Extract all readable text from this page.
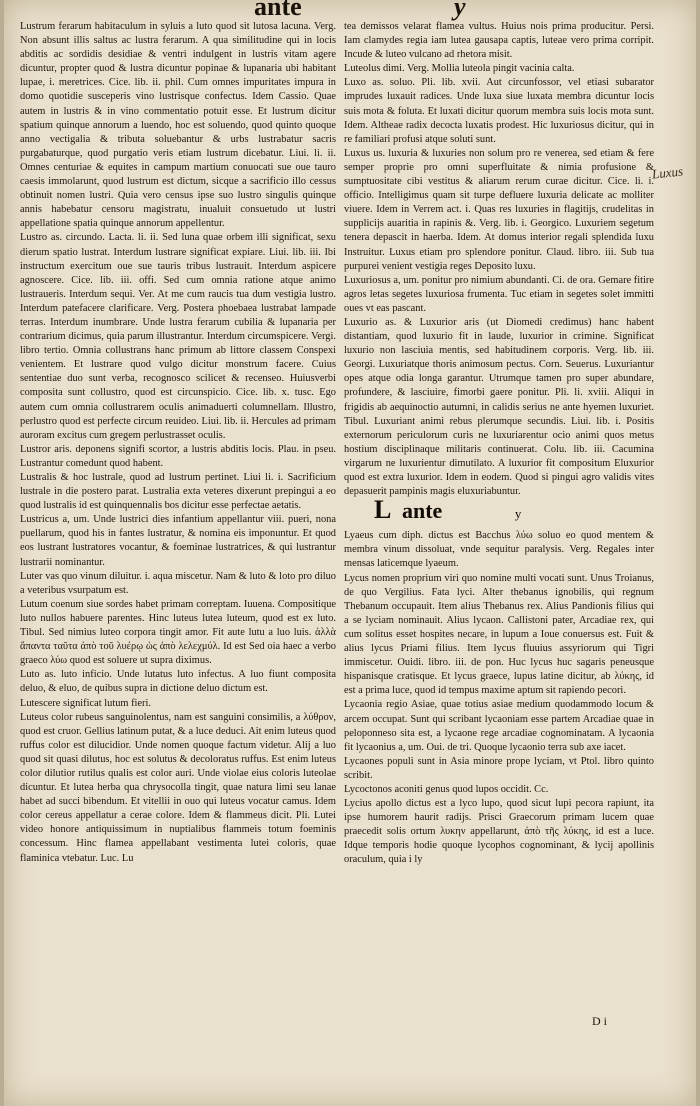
ante	y

Lustrum ferarum habitaculum in syluis a luto quod sit lutosa lacuna. Verg. Non absunt illis saltus ac lustra ferarum. A qua similitudine qui in locis abditis ac sordidis desidiae & ventri indulgent in lustris vitam agere dicuntur, propter quod & lustra dicuntur popinae & lupanaria ubi habitant lupae, i. meretrices. Cice. lib. ii. phil. Cum omnes impuritates impura in domo quotidie susceperis vino lustrisque confectus. Idem Cassio. Quae autem in lustris & in vino commentatio potuit esse. Et lustrum dicitur spatium quinque annorum a luendo, hoc est soluendo, quod quinto quoque anno vectigalia & tributa soluebantur & urbs lustrabatur sacris purgabaturque, quod purgatio veris etiam lustrum dicebatur. Liui. li. ii. Omnes centuriae & equites in campum martium conuocati sue oue tauro caesis immolarunt, quod lustrum est dictum, sicque a sacrificio illo cessus obtinuit nomen lustri. Quia vero census ipse suo lustro singulis quinque annis habebatur censoru magistratu, inualuit consuetudo ut lustri appellatione spatia quinque annorum appellentur.

Lustro as. circundo. Lacta. li. ii. Sed luna quae orbem illi significat, sexu dierum spatio lustrat. Interdum lustrare significat expiare. Liui. lib. iii. Ibi instructum exercitum oue sue tauris tribus lustrauit. Interdum aspicere agnoscere. Cice. lib. iii. offi. Sed cum omnia ratione atque animo lustraueris. Interdum sequi. Ver. At me cum raucis tua dum vestigia lustro. Interdum patefacere clarificare. Verg. Postera phoebaea lustrabat lampade terras. Interdum inumbrare. Unde lustra ferarum cubilia & lupanaria per contrarium dicimus, quia parum illustrantur. Interdum circumspicere. Vergi. libro tertio. Omnia collustrans hanc primum ab littore classem Conspexi venientem. Et lustrare quod vulgo dicitur monstrum facere. Cuius sententiae duo sunt verba, recognosco scilicet & recenseo. Huiusverbi composita sunt collustro, quod est circunspicio. Cice. lib. x. tusc. Ego autem cum omnia collustrarem oculis animaduerti columnellam. Illustro, perlustro quod est perfecte circum reuideo. Liui. lib. ii. Hercules ad primam auroram excitus cum gregem perlustrasset oculis.

Lustror aris. deponens signifi scortor, a lustris abditis locis. Plau. in pseu. Lustrantur comedunt quod habent.

Lustralis & hoc lustrale, quod ad lustrum pertinet. Liui li. i. Sacrificium lustrale in die postero parat. Lustralia exta veteres dixerunt prepingui a eo quod lustralis id est quinquennalis bos dicitur esse perfectae aetatis.

Lustricus a, um. Unde lustrici dies infantium appellantur viii. pueri, nona puellarum, quod his in fantes lustratur, & nomina eis imponuntur. Et quod eos lustrant lustratores vocantur, & foeminae lustratrices, & qui lustrantur lustrarii nominantur.

Luter vas quo vinum diluitur. i. aqua miscetur. Nam & luto & loto pro diluo a veteribus vsurpatum est.

Lutum coenum siue sordes habet primam correptam. Iuuena. Compositique luto nullos habuere parentes. Hinc luteus lutea luteum, quod est ex luto. Tibul. Sed nimius luteo corpora tingit amor. Fit aute lutu a luo luis. ἀλλὰ ἅπαντα ταῦτα ἀπὸ τοῦ λυέρῳ ὡς ἀπὸ λελεχμύλ. Id est Sed oia haec a verbo graeco λύω quod est soluere ut supra diximus.

Luto as. luto inficio. Unde lutatus luto infectus. A luo fiunt composita deluo, & eluo, de quibus supra in dictione deluo dictum est.

Lutescere significat lutum fieri.

Luteus color rubeus sanguinolentus, nam est sanguini consimilis, a λύθρον, quod est cruor. Gellius latinum putat, & a luce deduci. Ait enim luteus quod ruffus color est dilucidior. Unde nomen quoque factum videtur. Alij a luo quod sit quasi dilutus, hoc est solutus & decoloratus ruffus. Est enim luteus color dilutior rutilus qualis est color auri. Unde violae eius coloris luteolae dicuntur. Et lutea herba qua chrysocolla tingit, quae natura limi seu lanae habet ad succi bibendum. Et vitellii in ouo qui luteus vocatur camus. Idem color cereus appellatur a cerae colore. Idem & flammeus dicit. Pli. Lutei video honore antiquissimum in nuptialibus flammeis totum foeminis concessum. Hinc flamea appellabant vestimenta lutei coloris, quae flaminica vtebatur. Luc. Lu

tea demissos velarat flamea vultus. Huius nois prima producitur. Persi. Iam clamydes regia iam lutea gausapa captis, luteae vero prima corripit. Incude & luteo vulcano ad rhetora misit.

Luteolus dimi. Verg. Mollia luteola pingit vacinia calta.

Luxo as. soluo. Pli. lib. xvii. Aut circunfossor, vel etiasi subarator imprudes luxauit radices. Unde luxa siue luxata membra dicuntur locis suis mota & foluta. Et luxati dicitur quorum membra suis locis mota sunt. Idem. Altheae radix decocta luxatis prodest. Hic luxuriosus dicitur, qui in re familiari profusi atque soluti sunt.

Luxus us. luxuria & luxuries non solum pro re venerea, sed etiam & fere semper proprie pro omni superfluitate & nimia profusione & sumptuositate cibi vestitus & aliarum rerum curae dicitur. Cice. li. i. officio. Intelligimus quam sit turpe defluere luxuria delicate ac molliter viuere. Idem in Verrem act. i. Quas res luxuries in flagitijs, crudelitas in supplicijs auaritia in rapinis &. Verg. lib. i. Georgico. Luxuriem segetum tenera depascit in haerba. Idem. At domus interior regali splendida luxu Instruitur. Luxus etiam pro splendore ponitur. Claud. libro. iii. Sub tua purpurei venient vestigia reges Deposito luxu.

Luxuriosus a, um. ponitur pro nimium abundanti. Ci. de ora. Gemare fitire agros letas segetes luxuriosa frumenta. Tuc etiam in segetes solet immitti oues vt eas pascant.

Luxurio as. & Luxurior aris (ut Diomedi credimus) hanc habent distantiam, quod luxurio fit in laude, luxurior in crimine. Significat luxurio non lasciuia mentis, sed habitudinem corporis. Verg. lib. iii. Georgi. Luxuriatque thoris animosum pectus. Corn. Seuerus. Luxuriantur opes atque odia longa garantur. Utrumque tamen pro super abundare, profundere, & lasciuire, fimorbi gaere ponitur. Pli. li. xviii. Aliqui in frigidis ab aequinoctio autumni, in calidis serius ne ante hyemen luxuriet. Tibul. Luxuriant animi rebus plerumque secundis. Liui. lib. i. Positis externorum periculorum curis ne luxuriarentur ocio animi quos metus hostium disciplinaque militaris continuerat. Colu. lib. iii. Cacumina virgarum ne luxurientur dimutilato. A luxurior fit compositum Eluxurior quod est extra luxurior. Idem in eodem. Quod si pingui agro validis vites depasuerit pampinis magis eluxuriabuntur.

L ante	y

Lyaeus cum diph. dictus est Bacchus λύω soluo eo quod mentem & membra vinum dissoluat, vnde sequitur paralysis. Verg. Regales inter mensas laticemque lyaeum.

Lycus nomen proprium viri quo nomine multi vocati sunt. Unus Troianus, de quo Vergilius. Fata lyci. Alter thebanus ignobilis, qui regnum Thebanum occupauit. Item alius Thebanus rex. Alius Pandionis filius qui a se lyciam nominauit. Alius lycaon. Callistoni pater, Arcadiae rex, qui cum solitus esset hospites necare, in lupum a Ioue conuersus est. Fuit & alius lycus Priami filius. Item lycus fluuius assyriorum qui Tigri immiscetur. Ouidi. libro. iii. de pon. Huc lycus huc sagaris peneusque hispanisque cratisque. Et lycus graece, lupus latine dicitur, ab λύκης, id est a prima luce, quod id tempus maxime aptum sit rapiendo pecori.

Lycaonia regio Asiae, quae totius asiae medium quodammodo locum & arcem occupat. Sunt qui scribant lycaoniam esse partem Arcadiae quae in peloponneso sita est, a lycaone rege arcadiae cognominatam. A lycaonia fit lycaonius a, um. Oui. de tri. Quoque lycaonio terra sub axe iacet.

Lycaones populi sunt in Asia minore prope lyciam, vt Ptol. libro quinto scribit.

Lycoctonos aconiti genus quod lupos occidit. Cc.

Lycius apollo dictus est a lyco lupo, quod sicut lupi pecora rapiunt, ita ipse humorem haurit radijs. Prisci Graecorum primam lucem quae praecedit solis ortum λυκην appellarunt, ἀπὸ τῆς λύκης, id est a luce. Idque temporis hodie quoque lycophos cognominant, & lycij apollinis oraculum, quia i ly

Luxus
D i
